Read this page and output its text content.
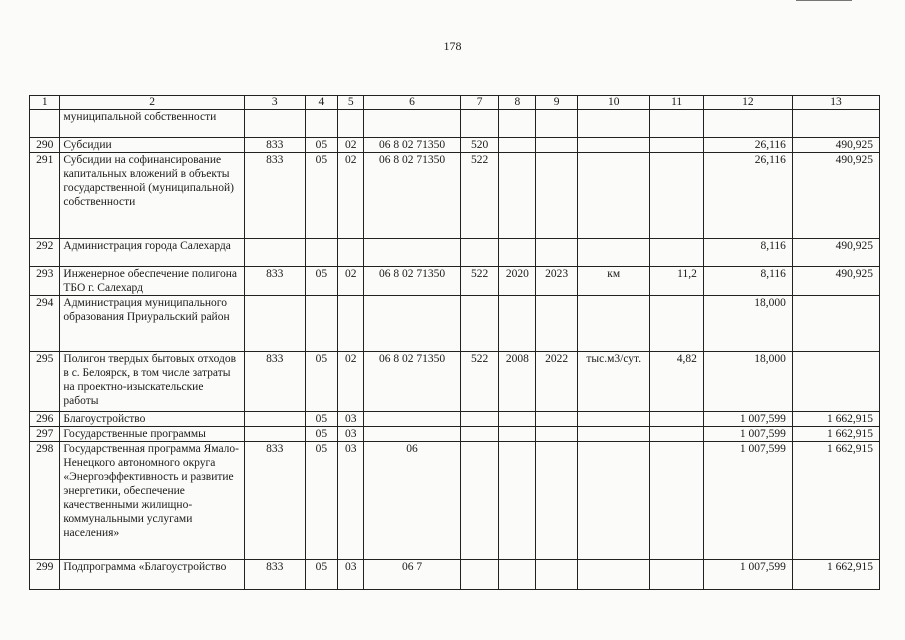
178
1	2	3	4	5	6	7	8	9	10	11	12	13
	муниципальной собственности											
290	Субсидии	833	05	02	06 8 02 71350	520					26,116	490,925
291	Субсидии на софинансирование капитальных вложений в объекты государственной (муниципальной) собственности	833	05	02	06 8 02 71350	522					26,116	490,925
292	Администрация города Салехарда										8,116	490,925
293	Инженерное обеспечение полигона ТБО г. Салехард	833	05	02	06 8 02 71350	522	2020	2023	км	11,2	8,116	490,925
294	Администрация муниципального образования Приуральский район										18,000	
295	Полигон твердых бытовых отходов в с. Белоярск, в том числе затраты на проектно-изыскательские работы	833	05	02	06 8 02 71350	522	2008	2022	тыс.м3/сут.	4,82	18,000	
296	Благоустройство		05	03							1 007,599	1 662,915
297	Государственные программы		05	03							1 007,599	1 662,915
298	Государственная программа Ямало-Ненецкого автономного округа «Энергоэффективность и развитие энергетики, обеспечение качественными жилищно-коммунальными услугами населения»	833	05	03	06						1 007,599	1 662,915
299	Подпрограмма «Благоустройство	833	05	03	06 7						1 007,599	1 662,915
